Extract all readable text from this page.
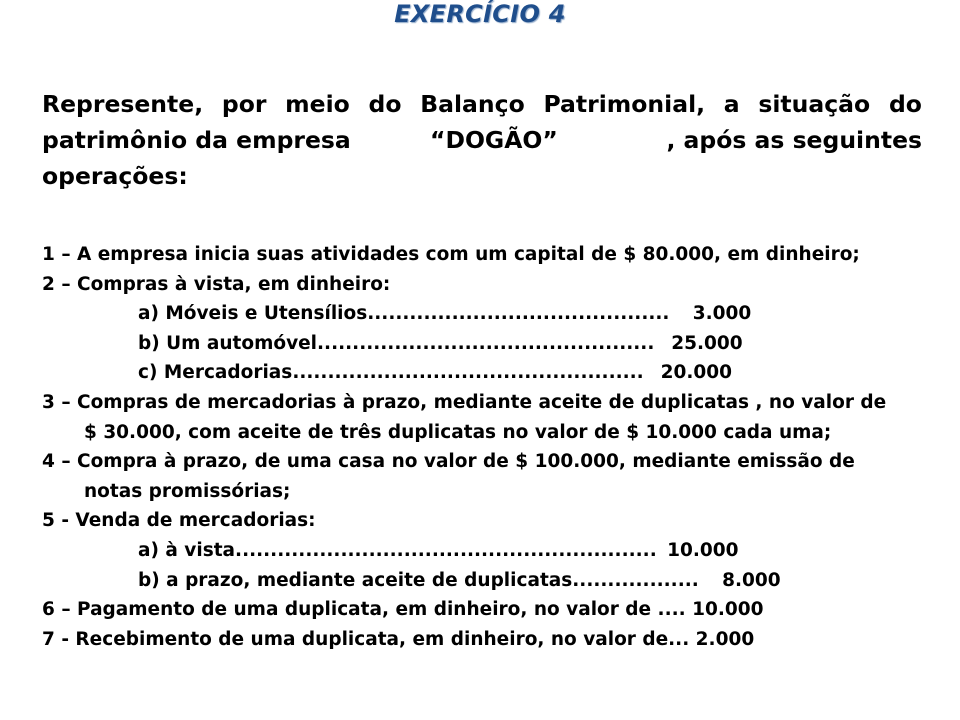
EXERCÍCIO 4
Represente, por meio do Balanço Patrimonial, a situação do
patrimônio da empresa	“DOGÃO”	, após as seguintes
operações:
1 – A empresa inicia suas atividades com um capital de $ 80.000, em dinheiro;
2 – Compras à vista, em dinheiro:
a) Móveis e Utensílios ........................................... 3.000
b) Um automóvel ................................................ 25.000
c) Mercadorias .................................................. 20.000
3 – Compras de mercadorias à prazo, mediante aceite de duplicatas , no valor de
$ 30.000, com aceite de três duplicatas no valor de $ 10.000 cada uma;
4 – Compra à prazo, de uma casa no valor de $ 100.000, mediante emissão de
notas promissórias;
5 - Venda de mercadorias:
a) à vista ............................................................ 10.000
b) a prazo, mediante aceite de duplicatas .................. 8.000
6 – Pagamento de uma duplicata, em dinheiro, no valor de .... 10.000
7 - Recebimento de uma duplicata, em dinheiro, no valor de... 2.000
